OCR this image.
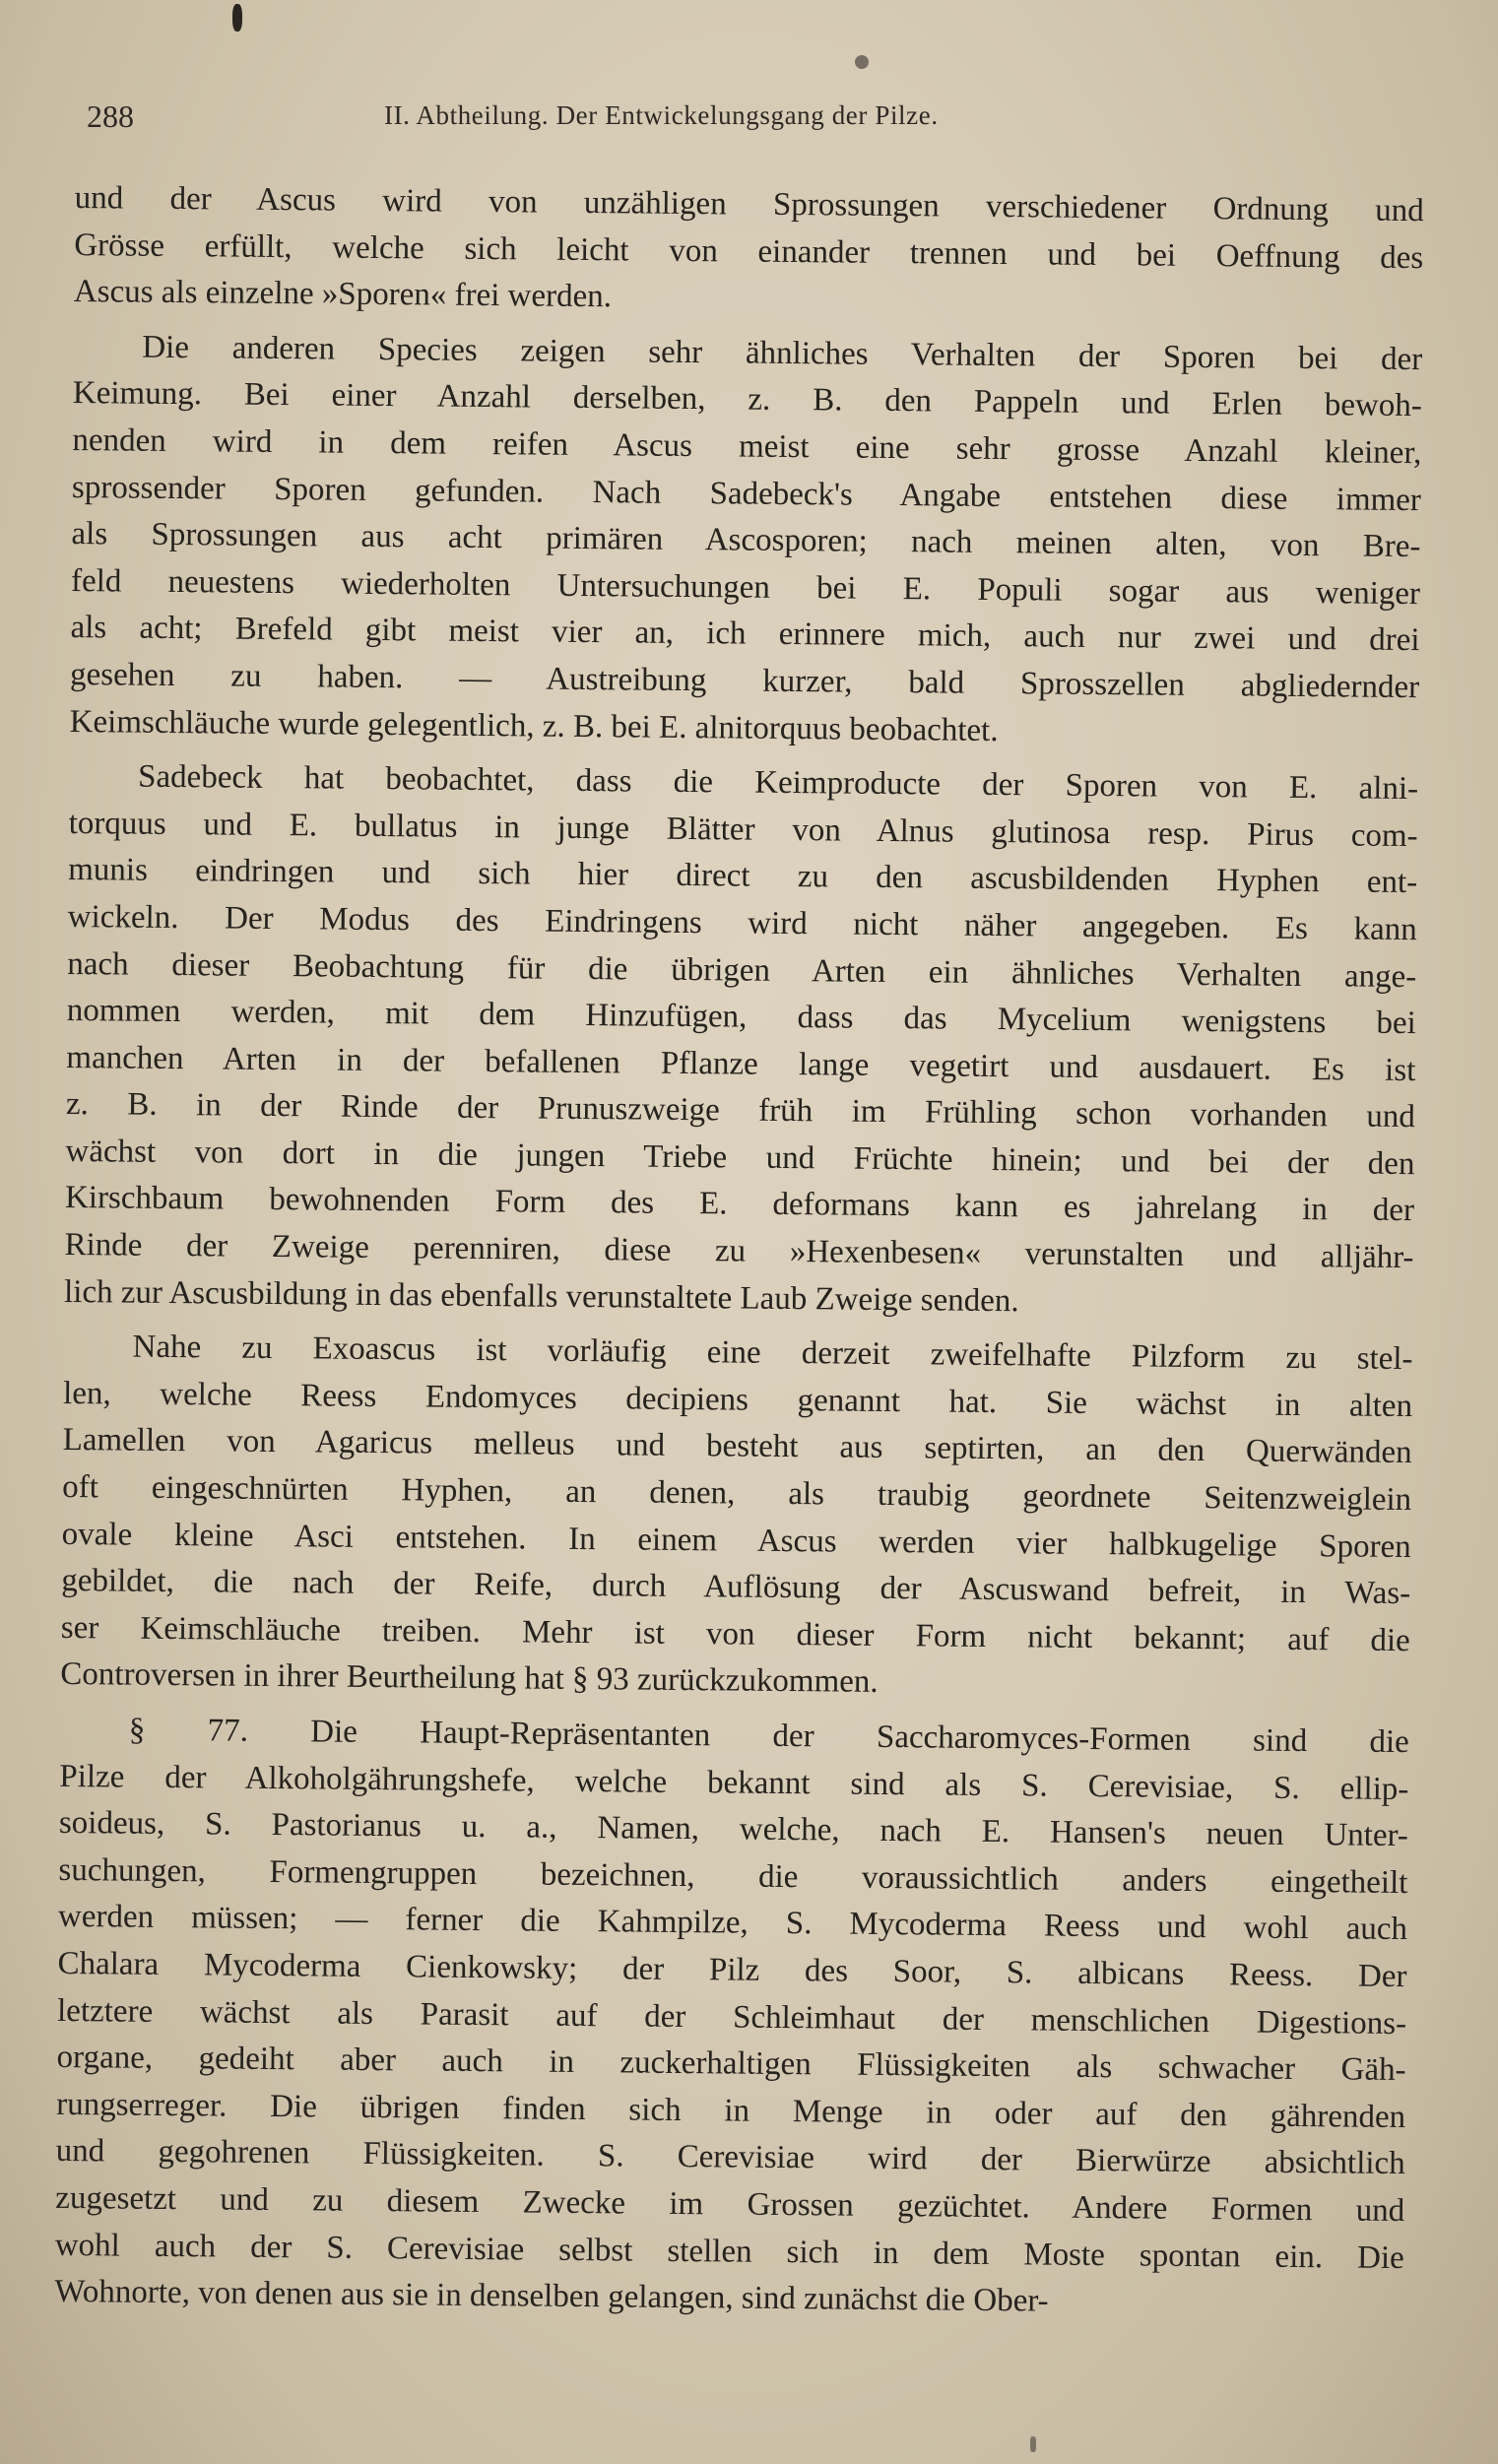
288	II. Abtheilung. Der Entwickelungsgang der Pilze.
und der Ascus wird von unzähligen Sprossungen verschiedener Ordnung und
Grösse erfüllt, welche sich leicht von einander trennen und bei Oeffnung des
Ascus als einzelne »Sporen« frei werden.
Die anderen Species zeigen sehr ähnliches Verhalten der Sporen bei der
Keimung. Bei einer Anzahl derselben, z. B. den Pappeln und Erlen bewoh-
nenden wird in dem reifen Ascus meist eine sehr grosse Anzahl kleiner,
sprossender Sporen gefunden. Nach Sadebeck's Angabe entstehen diese immer
als Sprossungen aus acht primären Ascosporen; nach meinen alten, von Bre-
feld neuestens wiederholten Untersuchungen bei E. Populi sogar aus weniger
als acht; Brefeld gibt meist vier an, ich erinnere mich, auch nur zwei und drei
gesehen zu haben. — Austreibung kurzer, bald Sprosszellen abgliedernder
Keimschläuche wurde gelegentlich, z. B. bei E. alnitorquus beobachtet.
Sadebeck hat beobachtet, dass die Keimproducte der Sporen von E. alni-
torquus und E. bullatus in junge Blätter von Alnus glutinosa resp. Pirus com-
munis eindringen und sich hier direct zu den ascusbildenden Hyphen ent-
wickeln. Der Modus des Eindringens wird nicht näher angegeben. Es kann
nach dieser Beobachtung für die übrigen Arten ein ähnliches Verhalten ange-
nommen werden, mit dem Hinzufügen, dass das Mycelium wenigstens bei
manchen Arten in der befallenen Pflanze lange vegetirt und ausdauert. Es ist
z. B. in der Rinde der Prunuszweige früh im Frühling schon vorhanden und
wächst von dort in die jungen Triebe und Früchte hinein; und bei der den
Kirschbaum bewohnenden Form des E. deformans kann es jahrelang in der
Rinde der Zweige perenniren, diese zu »Hexenbesen« verunstalten und alljähr-
lich zur Ascusbildung in das ebenfalls verunstaltete Laub Zweige senden.
Nahe zu Exoascus ist vorläufig eine derzeit zweifelhafte Pilzform zu stel-
len, welche Reess Endomyces decipiens genannt hat. Sie wächst in alten
Lamellen von Agaricus melleus und besteht aus septirten, an den Querwänden
oft eingeschnürten Hyphen, an denen, als traubig geordnete Seitenzweiglein
ovale kleine Asci entstehen. In einem Ascus werden vier halbkugelige Sporen
gebildet, die nach der Reife, durch Auflösung der Ascuswand befreit, in Was-
ser Keimschläuche treiben. Mehr ist von dieser Form nicht bekannt; auf die
Controversen in ihrer Beurtheilung hat § 93 zurückzukommen.
§ 77. Die Haupt-Repräsentanten der Saccharomyces-Formen sind die
Pilze der Alkoholgährungshefe, welche bekannt sind als S. Cerevisiae, S. ellip-
soideus, S. Pastorianus u. a., Namen, welche, nach E. Hansen's neuen Unter-
suchungen, Formengruppen bezeichnen, die voraussichtlich anders eingetheilt
werden müssen; — ferner die Kahmpilze, S. Mycoderma Reess und wohl auch
Chalara Mycoderma Cienkowsky; der Pilz des Soor, S. albicans Reess. Der
letztere wächst als Parasit auf der Schleimhaut der menschlichen Digestions-
organe, gedeiht aber auch in zuckerhaltigen Flüssigkeiten als schwacher Gäh-
rungserreger. Die übrigen finden sich in Menge in oder auf den gährenden
und gegohrenen Flüssigkeiten. S. Cerevisiae wird der Bierwürze absichtlich
zugesetzt und zu diesem Zwecke im Grossen gezüchtet. Andere Formen und
wohl auch der S. Cerevisiae selbst stellen sich in dem Moste spontan ein. Die
Wohnorte, von denen aus sie in denselben gelangen, sind zunächst die Ober-
